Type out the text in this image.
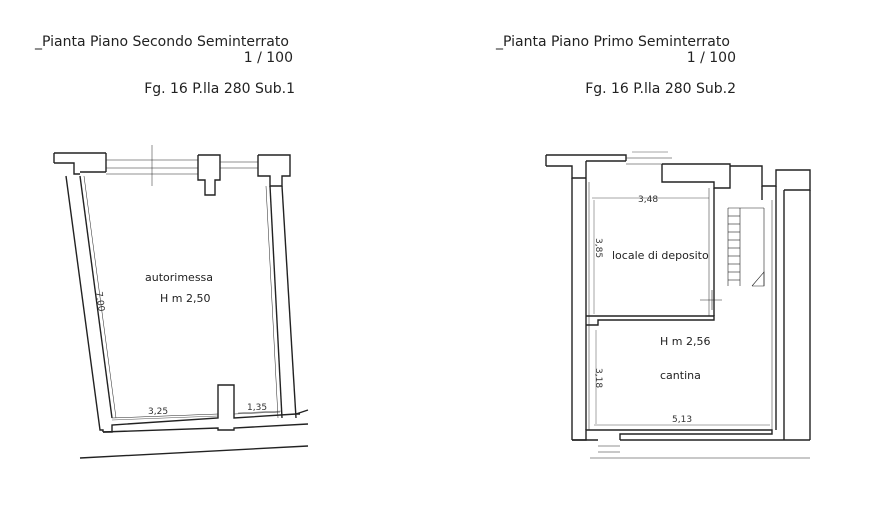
_Pianta Piano Secondo Seminterrato
1 / 100
Fg. 16 P.lla 280 Sub.1
_Pianta Piano Primo Seminterrato
1 / 100
Fg. 16 P.lla 280 Sub.2
autorimessa
H m 2,50
7,00
3,25	1,35
3,48
3,85 locale di deposito
H m 2,56
3,18	cantina
5,13
